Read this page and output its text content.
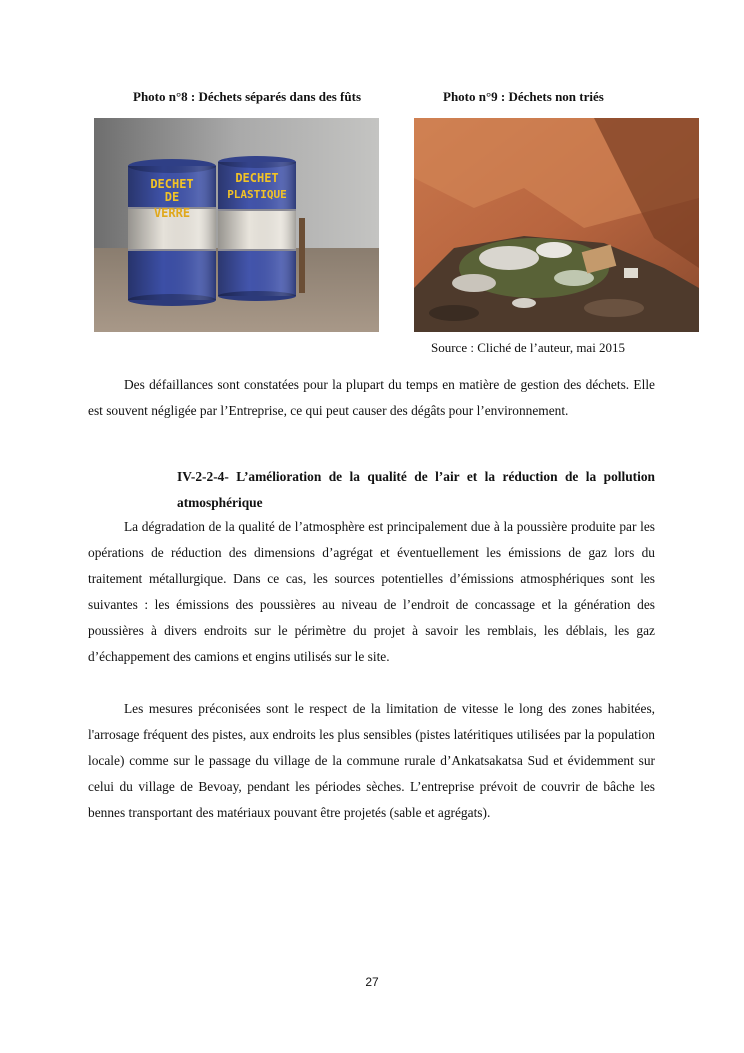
Photo n°8 : Déchets séparés dans des fûts	Photo n°9 : Déchets non triés
DECHET
DE
VERRE
DECHET
PLASTIQUE
Source : Cliché de l’auteur, mai 2015

Des défaillances sont constatées pour la plupart du temps en matière de gestion des déchets. Elle est souvent négligée par l’Entreprise, ce qui peut causer des dégâts pour l’environnement.

IV-2-2-4- L’amélioration de la qualité de l’air et la réduction de la pollution atmosphérique

La dégradation de la qualité de l’atmosphère est principalement due à la poussière produite par les opérations de réduction des dimensions d’agrégat et éventuellement les émissions de gaz lors du traitement métallurgique. Dans ce cas, les sources potentielles d’émissions atmosphériques sont les suivantes : les émissions des poussières au niveau de l’endroit de concassage et la génération des poussières à divers endroits sur le périmètre du projet à savoir les remblais, les déblais, les gaz d’échappement des camions et engins utilisés sur le site.

Les mesures préconisées sont le respect de la limitation de vitesse le long des zones habitées, l'arrosage fréquent des pistes, aux endroits les plus sensibles (pistes latéritiques utilisées par la population locale) comme sur le passage du village de la commune rurale d’Ankatsakatsa Sud et évidemment sur celui du village de Bevoay, pendant les périodes sèches. L’entreprise prévoit de couvrir de bâche les bennes transportant des matériaux pouvant être projetés (sable et agrégats).

27
